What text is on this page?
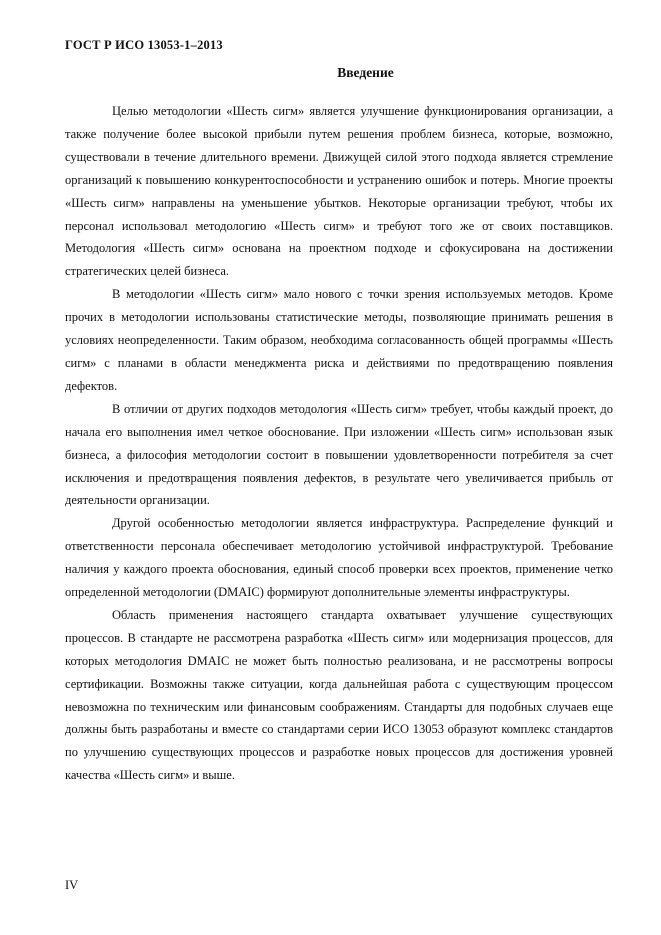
ГОСТ Р ИСО 13053-1–2013
Введение

Целью методологии «Шесть сигм» является улучшение функционирования организации, а также получение более высокой прибыли путем решения проблем бизнеса, которые, возможно, существовали в течение длительного времени. Движущей силой этого подхода является стремление организаций к повышению конкурентоспособности и устранению ошибок и потерь. Многие проекты «Шесть сигм» направлены на уменьшение убытков. Некоторые организации требуют, чтобы их персонал использовал методологию «Шесть сигм» и требуют того же от своих поставщиков. Методология «Шесть сигм» основана на проектном подходе и сфокусирована на достижении стратегических целей бизнеса.

В методологии «Шесть сигм» мало нового с точки зрения используемых методов. Кроме прочих в методологии использованы статистические методы, позволяющие принимать решения в условиях неопределенности. Таким образом, необходима согласованность общей программы «Шесть сигм» с планами в области менеджмента риска и действиями по предотвращению появления дефектов.

В отличии от других подходов методология «Шесть сигм» требует, чтобы каждый проект, до начала его выполнения имел четкое обоснование. При изложении «Шесть сигм» использован язык бизнеса, а философия методологии состоит в повышении удовлетворенности потребителя за счет исключения и предотвращения появления дефектов, в результате чего увеличивается прибыль от деятельности организации.

Другой особенностью методологии является инфраструктура. Распределение функций и ответственности персонала обеспечивает методологию устойчивой инфраструктурой. Требование наличия у каждого проекта обоснования, единый способ проверки всех проектов, применение четко определенной методологии (DMAIC) формируют дополнительные элементы инфраструктуры.

Область применения настоящего стандарта охватывает улучшение существующих процессов. В стандарте не рассмотрена разработка «Шесть сигм» или модернизация процессов, для которых методология DMAIC не может быть полностью реализована, и не рассмотрены вопросы сертификации. Возможны также ситуации, когда дальнейшая работа с существующим процессом невозможна по техническим или финансовым соображениям. Стандарты для подобных случаев еще должны быть разработаны и вместе со стандартами серии ИСО 13053 образуют комплекс стандартов по улучшению существующих процессов и разработке новых процессов для достижения уровней качества «Шесть сигм» и выше.

IV
